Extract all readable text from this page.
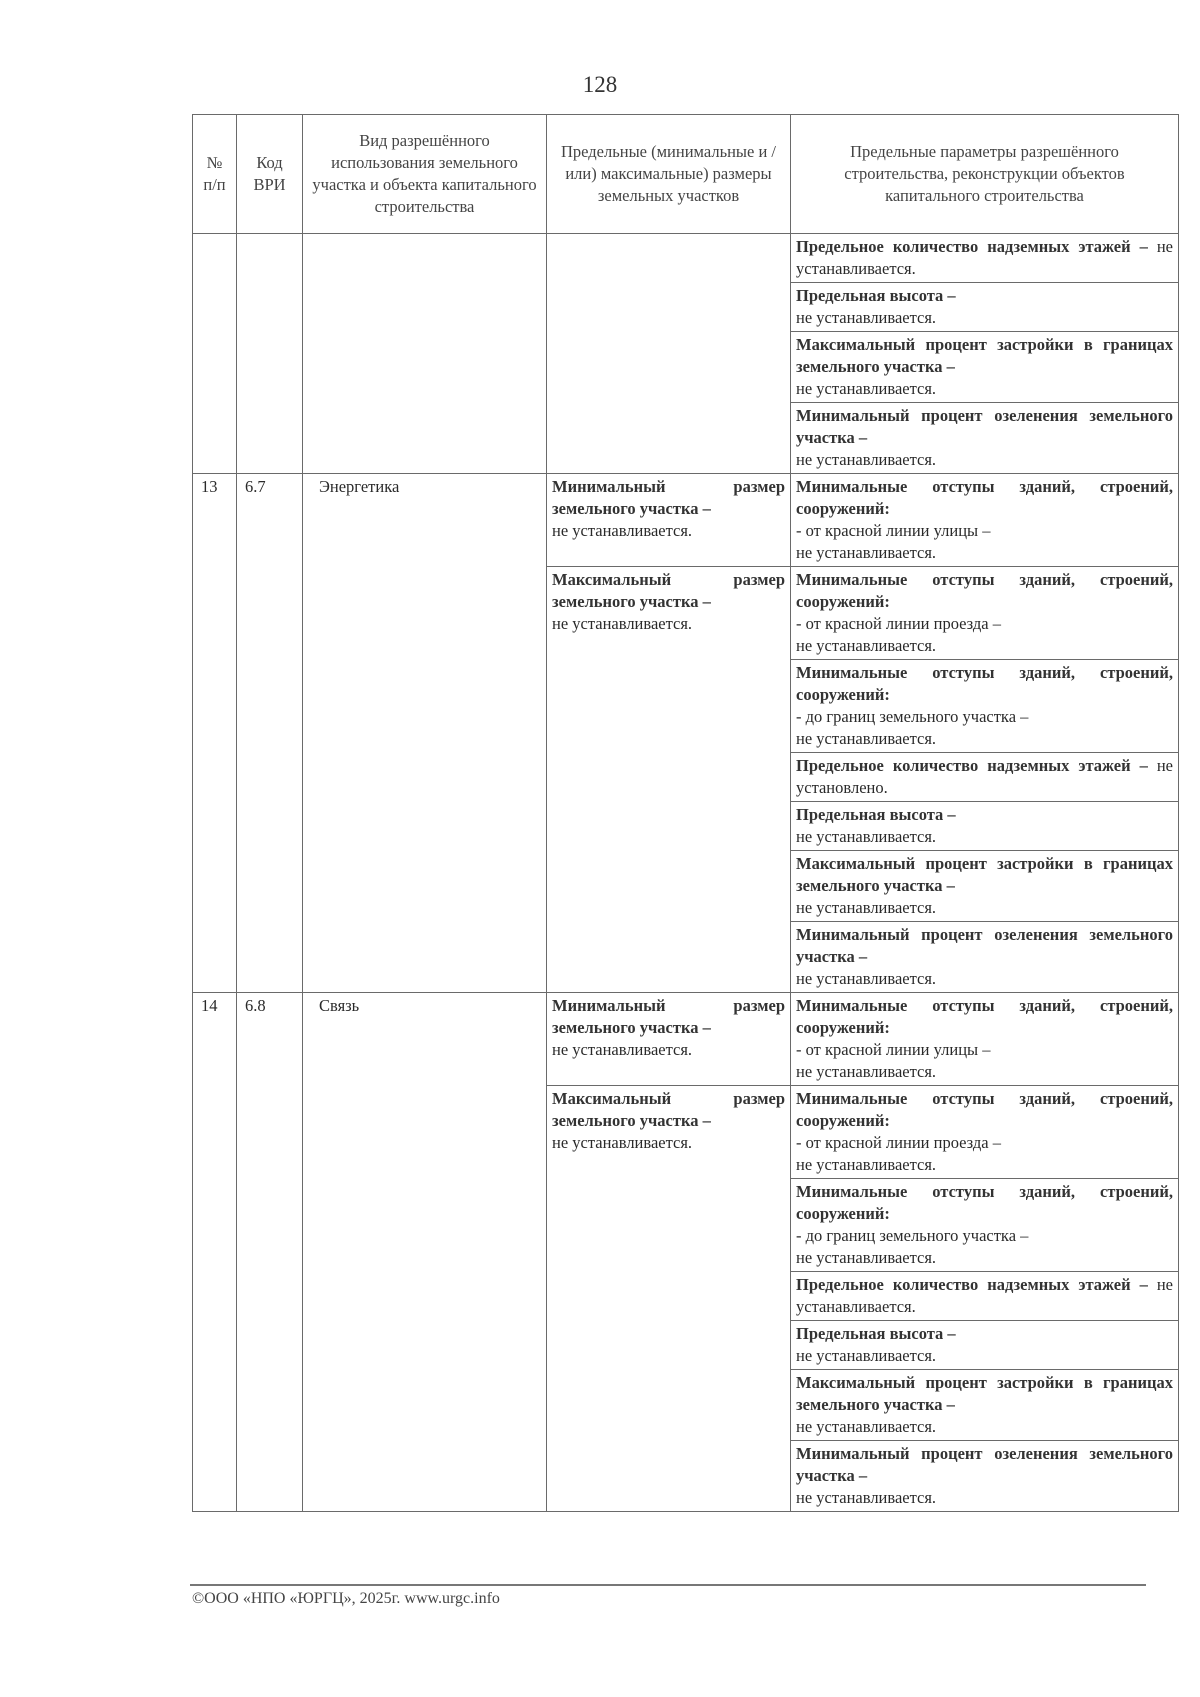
128
№ п/п	Код ВРИ	Вид разрешённого использования земельного участка и объекта капитального строительства	Предельные (минимальные и /или) максимальные) размеры земельных участков	Предельные параметры разрешённого строительства, реконструкции объектов капитального строительства
				Предельное количество надземных этажей – не устанавливается.
				Предельная высота –
не устанавливается.
				Максимальный процент застройки в границах земельного участка –
не устанавливается.
				Минимальный процент озеленения земельного участка –
не устанавливается.
13	6.7	Энергетика	Минимальный размер земельного участка –
не устанавливается.	Минимальные отступы зданий, строений, сооружений:
- от красной линии улицы –
не устанавливается.
			Максимальный размер земельного участка –
не устанавливается.	Минимальные отступы зданий, строений, сооружений:
- от красной линии проезда –
не устанавливается.
				Минимальные отступы зданий, строений, сооружений:
- до границ земельного участка –
не устанавливается.
				Предельное количество надземных этажей – не установлено.
				Предельная высота –
не устанавливается.
				Максимальный процент застройки в границах земельного участка –
не устанавливается.
				Минимальный процент озеленения земельного участка –
не устанавливается.
14	6.8	Связь	Минимальный размер земельного участка –
не устанавливается.	Минимальные отступы зданий, строений, сооружений:
- от красной линии улицы –
не устанавливается.
			Максимальный размер земельного участка –
не устанавливается.	Минимальные отступы зданий, строений, сооружений:
- от красной линии проезда –
не устанавливается.
				Минимальные отступы зданий, строений, сооружений:
- до границ земельного участка –
не устанавливается.
				Предельное количество надземных этажей – не устанавливается.
				Предельная высота –
не устанавливается.
				Максимальный процент застройки в границах земельного участка –
не устанавливается.
				Минимальный процент озеленения земельного участка –
не устанавливается.
©ООО «НПО «ЮРГЦ», 2025г. www.urgc.info
